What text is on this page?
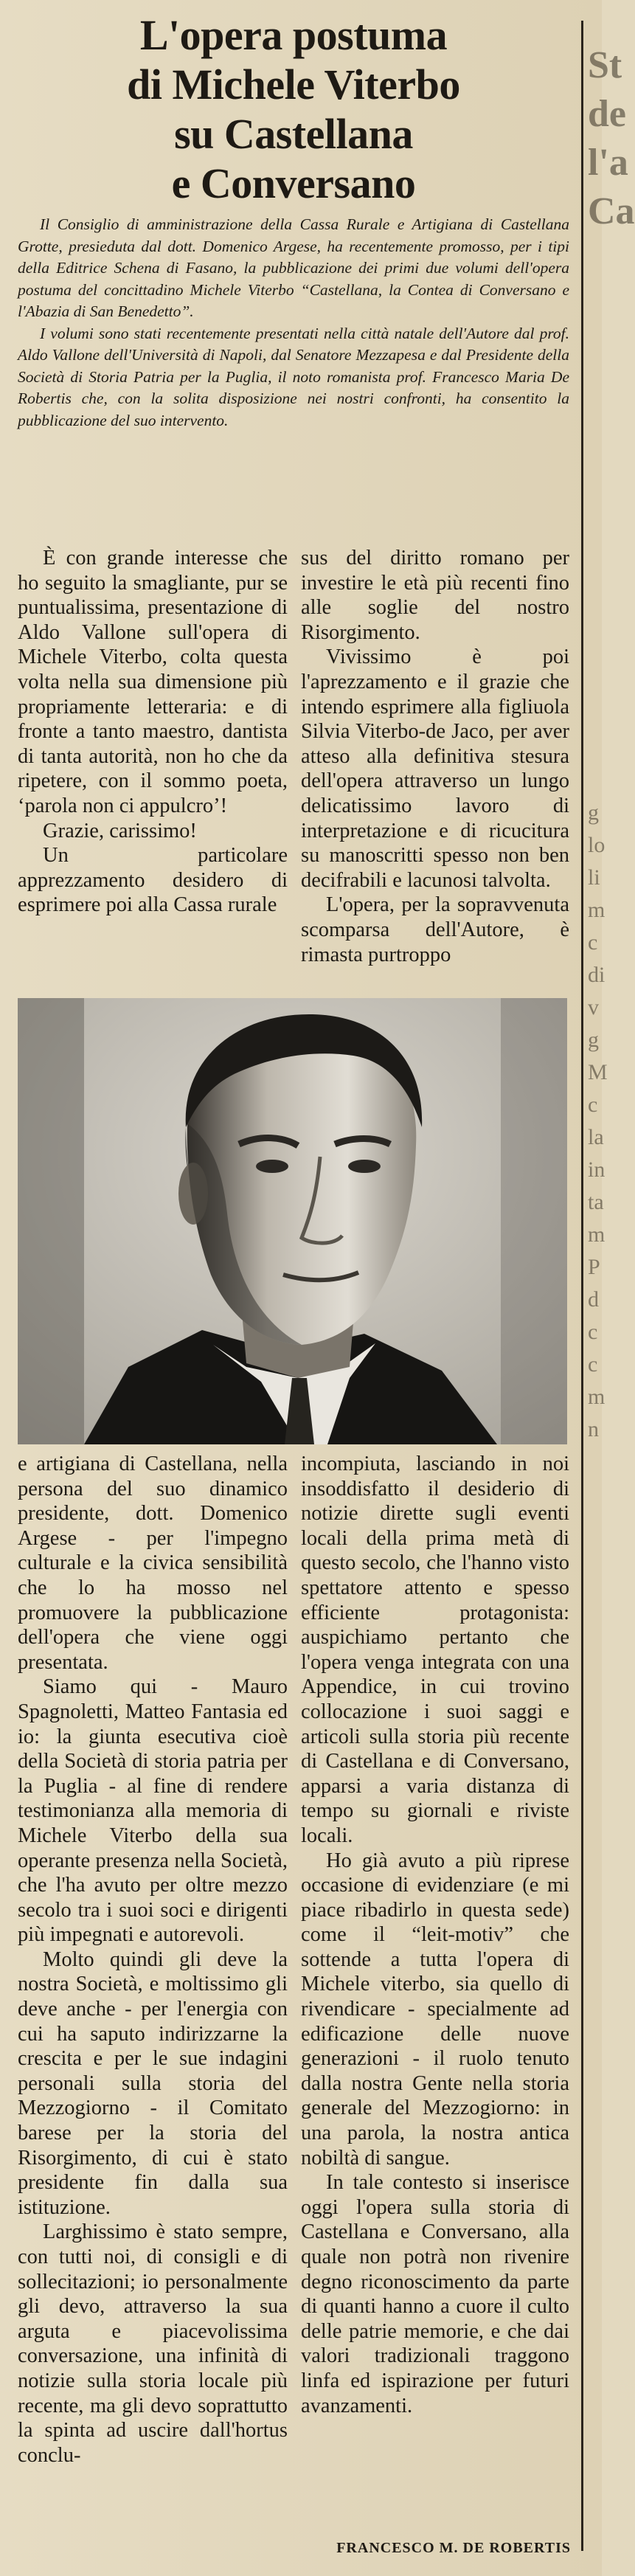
St
de
l'a
Ca
g
lo
li
m
c
di
v
g
M
c
la
in
ta
m
P
d
c
c
m
n
L'opera postuma
di Michele Viterbo
su Castellana
e Conversano

Il Consiglio di amministrazione della Cassa Rurale e Artigiana di Castellana Grotte, presieduta dal dott. Domenico Argese, ha recentemente promosso, per i tipi della Editrice Schena di Fasano, la pubblicazione dei primi due volumi dell'opera postuma del concittadino Michele Viterbo “Castellana, la Contea di Conversano e l'Abazia di San Benedetto”.

I volumi sono stati recentemente presentati nella città natale dell'Autore dal prof. Aldo Vallone dell'Università di Napoli, dal Senatore Mezzapesa e dal Presidente della Società di Storia Patria per la Puglia, il noto romanista prof. Francesco Maria De Robertis che, con la solita disposizione nei nostri confronti, ha consentito la pubblicazione del suo intervento.

È con grande interesse che ho seguito la smagliante, pur se puntualissima, presentazione di Aldo Vallone sull'opera di Michele Viterbo, colta questa volta nella sua dimensione più propriamente letteraria: e di fronte a tanto maestro, dantista di tanta autorità, non ho che da ripetere, con il sommo poeta, ‘parola non ci appulcro’!

Grazie, carissimo!

Un particolare apprezzamento desidero di esprimere poi alla Cassa rurale

sus del diritto romano per investire le età più recenti fino alle soglie del nostro Risorgimento.

Vivissimo è poi l'aprezzamento e il grazie che intendo esprimere alla figliuola Silvia Viterbo-de Jaco, per aver atteso alla definitiva stesura dell'opera attraverso un lungo delicatissimo lavoro di interpretazione e di ricucitura su manoscritti spesso non ben decifrabili e lacunosi talvolta.

L'opera, per la sopravvenuta scomparsa dell'Autore, è rimasta purtroppo

e artigiana di Castellana, nella persona del suo dinamico presidente, dott. Domenico Argese - per l'impegno culturale e la civica sensibilità che lo ha mosso nel promuovere la pubblicazione dell'opera che viene oggi presentata.

Siamo qui - Mauro Spagnoletti, Matteo Fantasia ed io: la giunta esecutiva cioè della Società di storia patria per la Puglia - al fine di rendere testimonianza alla memoria di Michele Viterbo della sua operante presenza nella Società, che l'ha avuto per oltre mezzo secolo tra i suoi soci e dirigenti più impegnati e autorevoli.

Molto quindi gli deve la nostra Società, e moltissimo gli deve anche - per l'energia con cui ha saputo indirizzarne la crescita e per le sue indagini personali sulla storia del Mezzogiorno - il Comitato barese per la storia del Risorgimento, di cui è stato presidente fin dalla sua istituzione.

Larghissimo è stato sempre, con tutti noi, di consigli e di sollecitazioni; io personalmente gli devo, attraverso la sua arguta e piacevolissima conversazione, una infinità di notizie sulla storia locale più recente, ma gli devo soprattutto la spinta ad uscire dall'hortus conclu-

incompiuta, lasciando in noi insoddisfatto il desiderio di notizie dirette sugli eventi locali della prima metà di questo secolo, che l'hanno visto spettatore attento e spesso efficiente protagonista: auspichiamo pertanto che l'opera venga integrata con una Appendice, in cui trovino collocazione i suoi saggi e articoli sulla storia più recente di Castellana e di Conversano, apparsi a varia distanza di tempo su giornali e riviste locali.

Ho già avuto a più riprese occasione di evidenziare (e mi piace ribadirlo in questa sede) come il “leit-motiv” che sottende a tutta l'opera di Michele viterbo, sia quello di rivendicare - specialmente ad edificazione delle nuove generazioni - il ruolo tenuto dalla nostra Gente nella storia generale del Mezzogiorno: in una parola, la nostra antica nobiltà di sangue.

In tale contesto si inserisce oggi l'opera sulla storia di Castellana e Conversano, alla quale non potrà non rivenire degno riconoscimento da parte di quanti hanno a cuore il culto delle patrie memorie, e che dai valori tradizionali traggono linfa ed ispirazione per futuri avanzamenti.

FRANCESCO M. DE ROBERTIS
